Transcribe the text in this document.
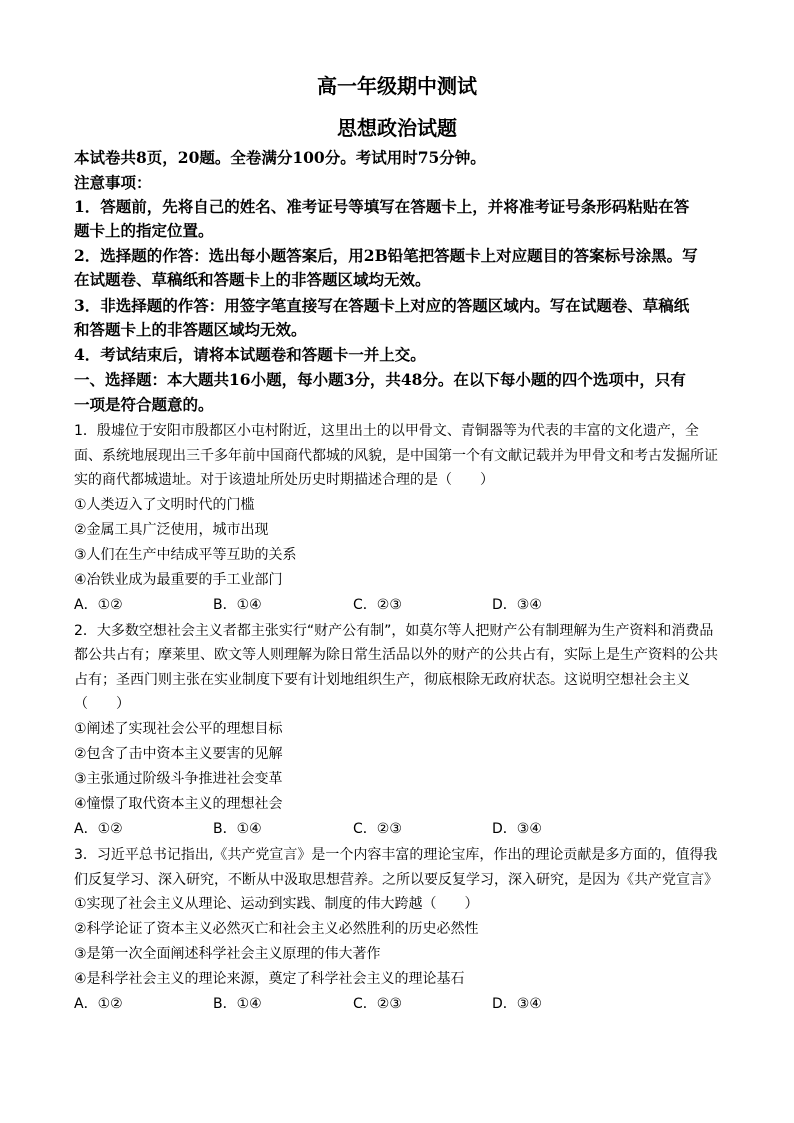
高一年级期中测试
思想政治试题
本试卷共8页，20题。全卷满分100分。考试用时75分钟。
注意事项：
1．答题前，先将自己的姓名、准考证号等填写在答题卡上，并将准考证号条形码粘贴在答
题卡上的指定位置。
2．选择题的作答：选出每小题答案后，用2B铅笔把答题卡上对应题目的答案标号涂黑。写
在试题卷、草稿纸和答题卡上的非答题区域均无效。
3．非选择题的作答：用签字笔直接写在答题卡上对应的答题区域内。写在试题卷、草稿纸
和答题卡上的非答题区域均无效。
4．考试结束后，请将本试题卷和答题卡一并上交。
一、选择题：本大题共16小题，每小题3分，共48分。在以下每小题的四个选项中，只有
一项是符合题意的。
1．殷墟位于安阳市殷都区小屯村附近，这里出土的以甲骨文、青铜器等为代表的丰富的文化遗产，全
面、系统地展现出三千多年前中国商代都城的风貌，是中国第一个有文献记载并为甲骨文和考古发掘所证
实的商代都城遗址。对于该遗址所处历史时期描述合理的是（　　）
①人类迈入了文明时代的门槛
②金属工具广泛使用，城市出现
③人们在生产中结成平等互助的关系
④冶铁业成为最重要的手工业部门
A．①②	B．①④	C．②③	D．③④
2．大多数空想社会主义者都主张实行“财产公有制”，如莫尔等人把财产公有制理解为生产资料和消费品
都公共占有；摩莱里、欧文等人则理解为除日常生活品以外的财产的公共占有，实际上是生产资料的公共
占有；圣西门则主张在实业制度下要有计划地组织生产，彻底根除无政府状态。这说明空想社会主义
（　　）
①阐述了实现社会公平的理想目标
②包含了击中资本主义要害的见解
③主张通过阶级斗争推进社会变革
④憧憬了取代资本主义的理想社会
A．①②	B．①④	C．②③	D．③④
3．习近平总书记指出,《共产党宣言》是一个内容丰富的理论宝库，作出的理论贡献是多方面的，值得我
们反复学习、深入研究，不断从中汲取思想营养。之所以要反复学习，深入研究，是因为《共产党宣言》
①实现了社会主义从理论、运动到实践、制度的伟大跨越（　　）
②科学论证了资本主义必然灭亡和社会主义必然胜利的历史必然性
③是第一次全面阐述科学社会主义原理的伟大著作
④是科学社会主义的理论来源，奠定了科学社会主义的理论基石
A．①②	B．①④	C．②③	D．③④
